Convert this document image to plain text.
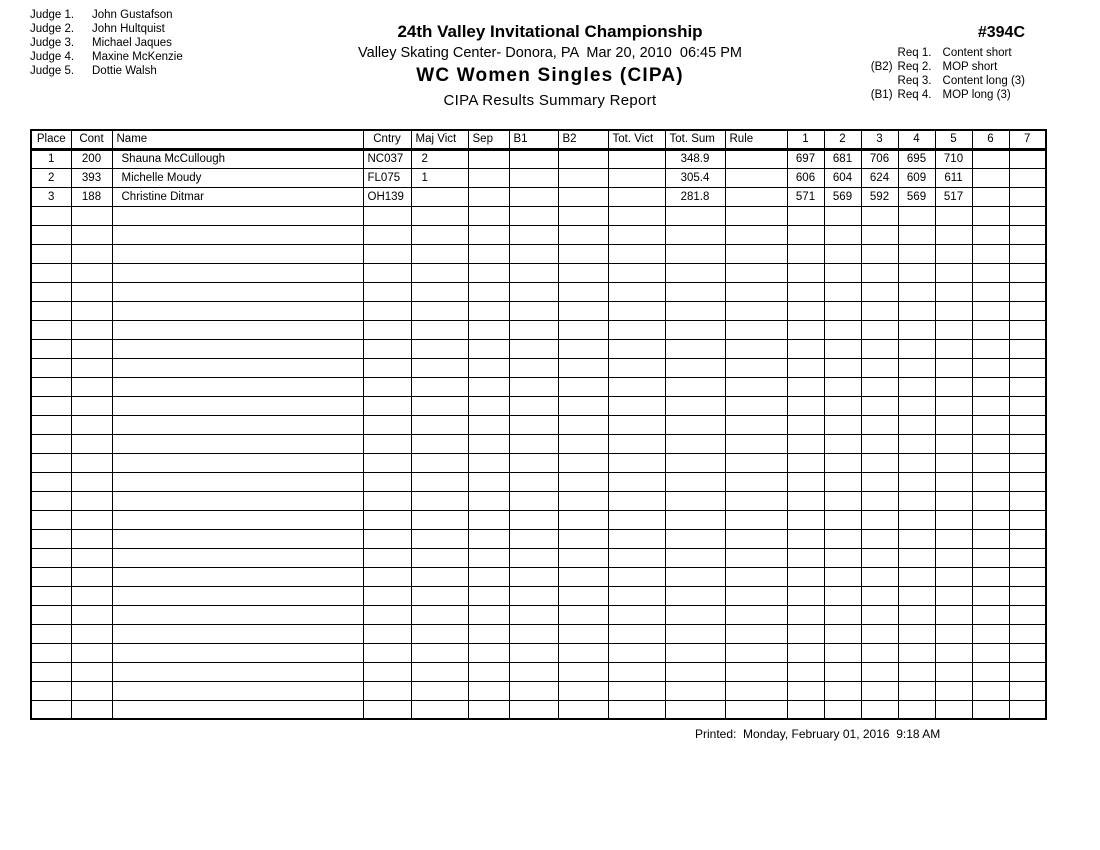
Judge 1.	John Gustafson
Judge 2.	John Hultquist
Judge 3.	Michael Jaques
Judge 4.	Maxine McKenzie
Judge 5.	Dottie Walsh
24th Valley Invitational Championship
Valley Skating Center- Donora, PA  Mar 20, 2010  06:45 PM
WC Women Singles (CIPA)
CIPA Results Summary Report
#394C
Req 1. Content short
(B2) Req 2. MOP short
Req 3. Content long (3)
(B1) Req 4. MOP long (3)
Place	Cont	Name	Cntry	Maj Vict	Sep	B1	B2	Tot. Vict	Tot. Sum	Rule	1	2	3	4	5	6	7
1	200	Shauna McCullough	NC037	2					348.9		697	681	706	695	710		
2	393	Michelle Moudy	FL075	1					305.4		606	604	624	609	611		
3	188	Christine Ditmar	OH139						281.8		571	569	592	569	517		

Printed:  Monday, February 01, 2016  9:18 AM
